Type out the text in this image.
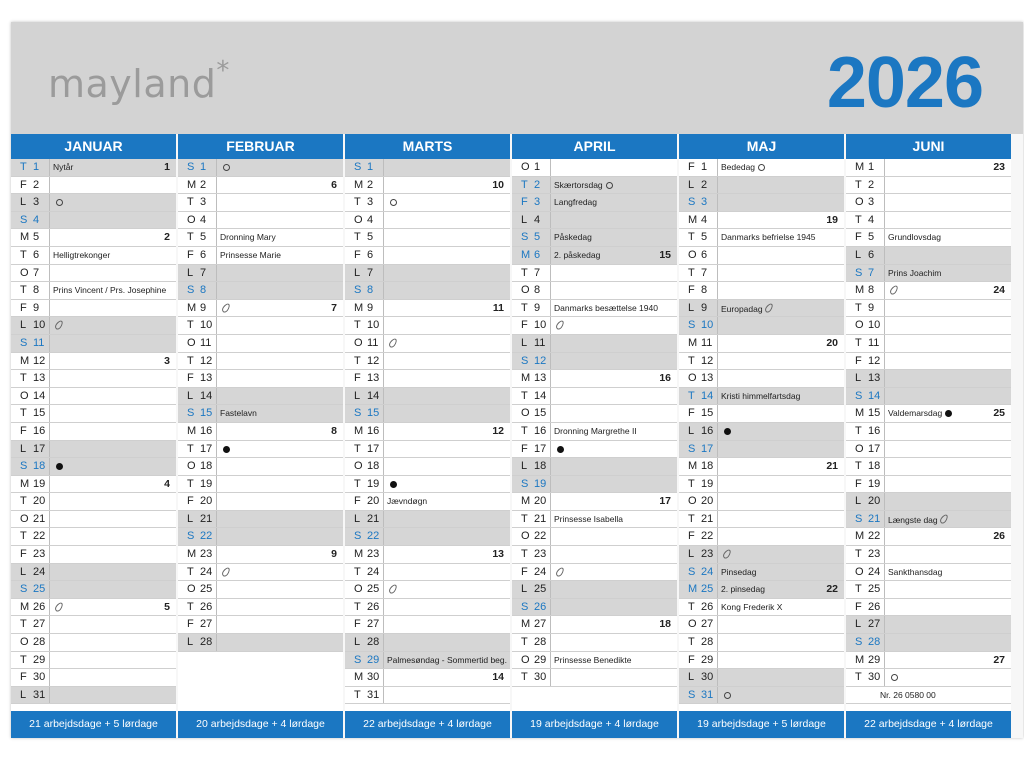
mayland*	2026
JANUAR
T 1	Nytår	1
F 2
L 3
S 4
M 5	2
T 6	Helligtrekonger
O 7
T 8	Prins Vincent / Prs. Josephine
F 9
L 10
S 11
M 12	3
T 13
O 14
T 15
F 16
L 17
S 18
M 19	4
T 20
O 21
T 22
F 23
L 24
S 25
M 26	5
T 27
O 28
T 29
F 30
L 31
21 arbejdsdage + 5 lørdage
FEBRUAR
S 1
M 2	6
T 3
O 4
T 5	Dronning Mary
F 6	Prinsesse Marie
L 7
S 8
M 9	7
T 10
O 11
T 12
F 13
L 14
S 15 Fastelavn
M 16	8
T 17
O 18
T 19
F 20
L 21
S 22
M 23	9
T 24
O 25
T 26
F 27
L 28
20 arbejdsdage + 4 lørdage
MARTS
S 1
M 2	10
T 3
O 4
T 5
F 6
L 7
S 8
M 9	11
T 10
O 11
T 12
F 13
L 14
S 15
M 16	12
T 17
O 18
T 19
F 20 Jævndøgn
L 21
S 22
M 23	13
T 24
O 25
T 26
F 27
L 28
S 29 Palmesøndag - Sommertid beg.
M 30	14
T 31
22 arbejdsdage + 4 lørdage
APRIL
O 1
T 2	Skærtorsdag
F 3	Langfredag
L 4
S 5	Påskedag
M 6	2. påskedag	15
T 7
O 8
T 9	Danmarks besættelse 1940
F 10
L 11
S 12
M 13	16
T 14
O 15
T 16 Dronning Margrethe II
F 17
L 18
S 19
M 20	17
T 21 Prinsesse Isabella
O 22
T 23
F 24
L 25
S 26
M 27	18
T 28
O 29 Prinsesse Benedikte
T 30
19 arbejdsdage + 4 lørdage
MAJ
F 1	Bededag
L 2
S 3
M 4	19
T 5	Danmarks befrielse 1945
O 6
T 7
F 8
L 9	Europadag
S 10
M 11	20
T 12
O 13
T 14 Kristi himmelfartsdag
F 15
L 16
S 17
M 18	21
T 19
O 20
T 21
F 22
L 23
S 24 Pinsedag
M 25 2. pinsedag	22
T 26 Kong Frederik X
O 27
T 28
F 29
L 30
S 31
19 arbejdsdage + 5 lørdage
JUNI
M 1	23
T 2
O 3
T 4
F 5	Grundlovsdag
L 6
S 7	Prins Joachim
M 8	24
T 9
O 10
T 11
F 12
L 13
S 14
M 15 Valdemarsdag	25
T 16
O 17
T 18
F 19
L 20
S 21 Længste dag
M 22	26
T 23
O 24 Sankthansdag
T 25
F 26
L 27
S 28
M 29	27
T 30
Nr. 26 0580 00
22 arbejdsdage + 4 lørdage
